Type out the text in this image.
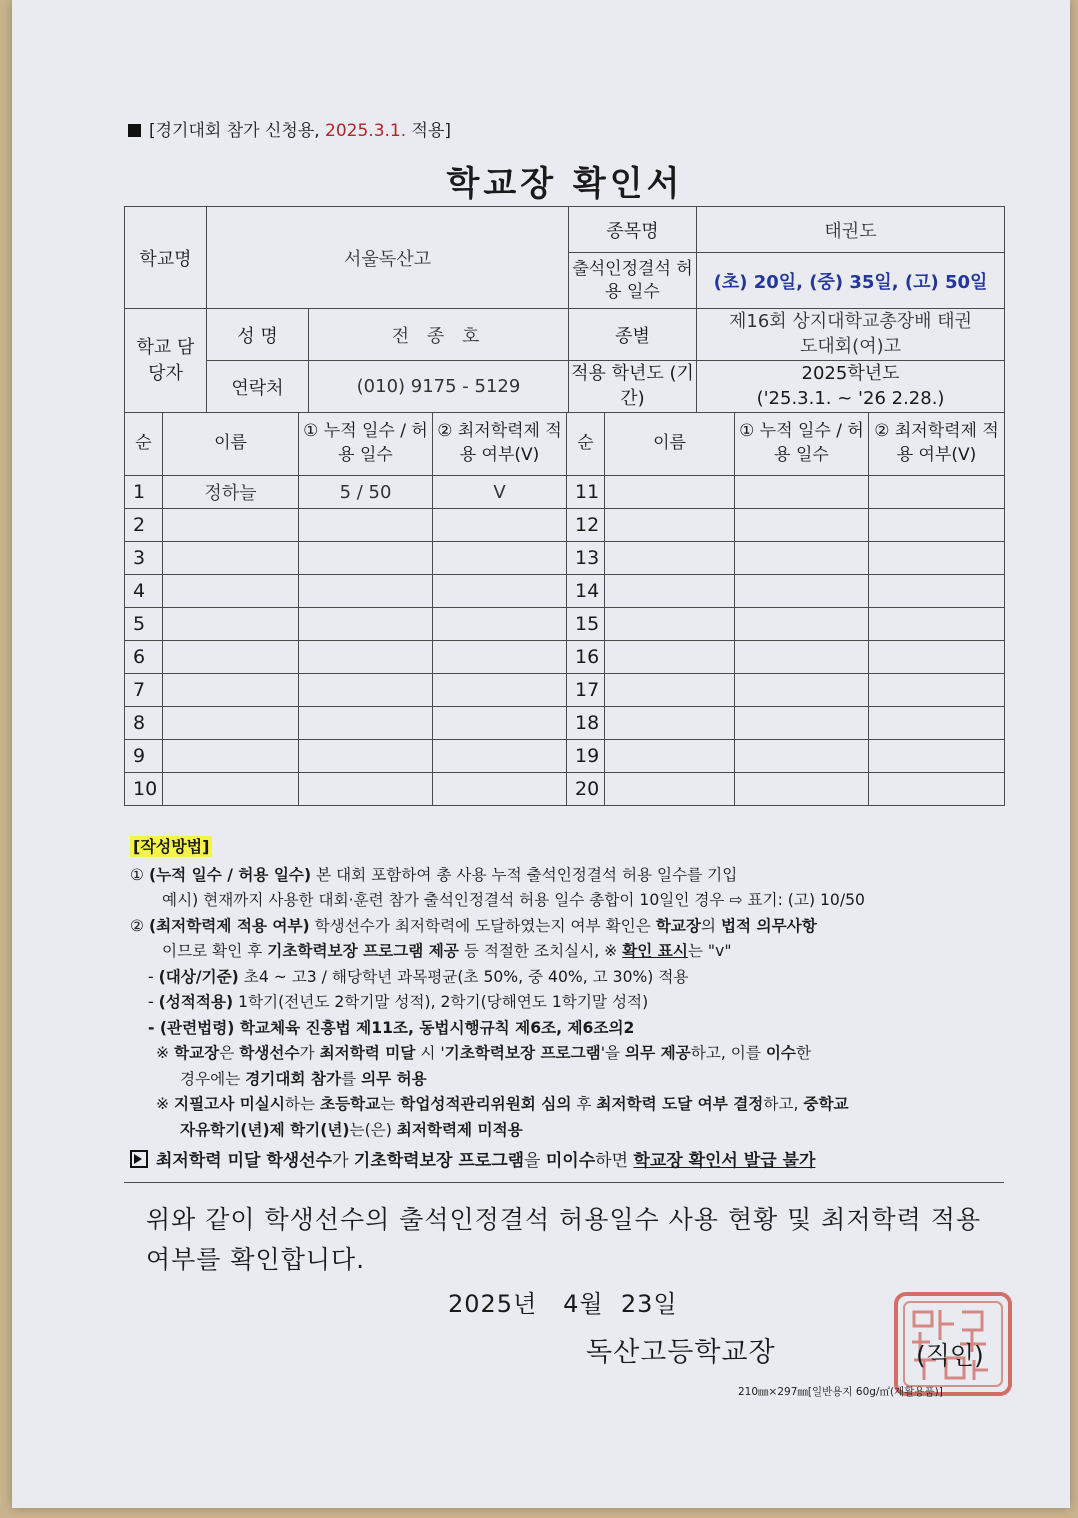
[경기대회 참가 신청용, 2025.3.1. 적용]
학교장 확인서
학교명	서울독산고		종목명	태권도
			출석인정결석 허용 일수	(초) 20일, (중) 35일, (고) 50일
학교 담당자	성 명	전 종 호	종별	제16회 상지대학교총장배 태권도대회(여)고
	연락처	(010) 9175 - 5129	적용 학년도 (기간)	2025학년도
('25.3.1. ~ '26 2.28.)
순	이름	① 누적 일수 / 허용 일수	② 최저학력제 적용 여부(V)	순	이름	① 누적 일수 / 허용 일수	② 최저학력제 적용 여부(V)
1	정하늘	5 / 50	V	11			
2				12			
3				13			
4				14			
5				15			
6				16			
7				17			
8				18			
9				19			
10				20			
[작성방법]
① (누적 일수 / 허용 일수) 본 대회 포함하여 총 사용 누적 출석인정결석 허용 일수를 기입
예시) 현재까지 사용한 대회·훈련 참가 출석인정결석 허용 일수 총합이 10일인 경우 ⇨ 표기: (고) 10/50
② (최저학력제 적용 여부) 학생선수가 최저학력에 도달하였는지 여부 확인은 학교장의 법적 의무사항
이므로 확인 후 기초학력보장 프로그램 제공 등 적절한 조치실시, ※ 확인 표시는 "v"
- (대상/기준) 초4 ~ 고3 / 해당학년 과목평균(초 50%, 중 40%, 고 30%) 적용
- (성적적용) 1학기(전년도 2학기말 성적), 2학기(당해연도 1학기말 성적)
- (관련법령) 학교체육 진흥법 제11조, 동법시행규칙 제6조, 제6조의2
※ 학교장은 학생선수가 최저학력 미달 시 '기초학력보장 프로그램'을 의무 제공하고, 이를 이수한
경우에는 경기대회 참가를 의무 허용
※ 지필고사 미실시하는 초등학교는 학업성적관리위원회 심의 후 최저학력 도달 여부 결정하고, 중학교
자유학기(년)제 학기(년)는(은) 최저학력제 미적용
최저학력 미달 학생선수가 기초학력보장 프로그램을 미이수하면 학교장 확인서 발급 불가
위와 같이 학생선수의 출석인정결석 허용일수 사용 현황 및 최저학력 적용 여부를 확인합니다.
2025년   4월  23일
독산고등학교장	(직인)
210㎜×297㎜[일반용지 60g/㎡(재활용품)]
